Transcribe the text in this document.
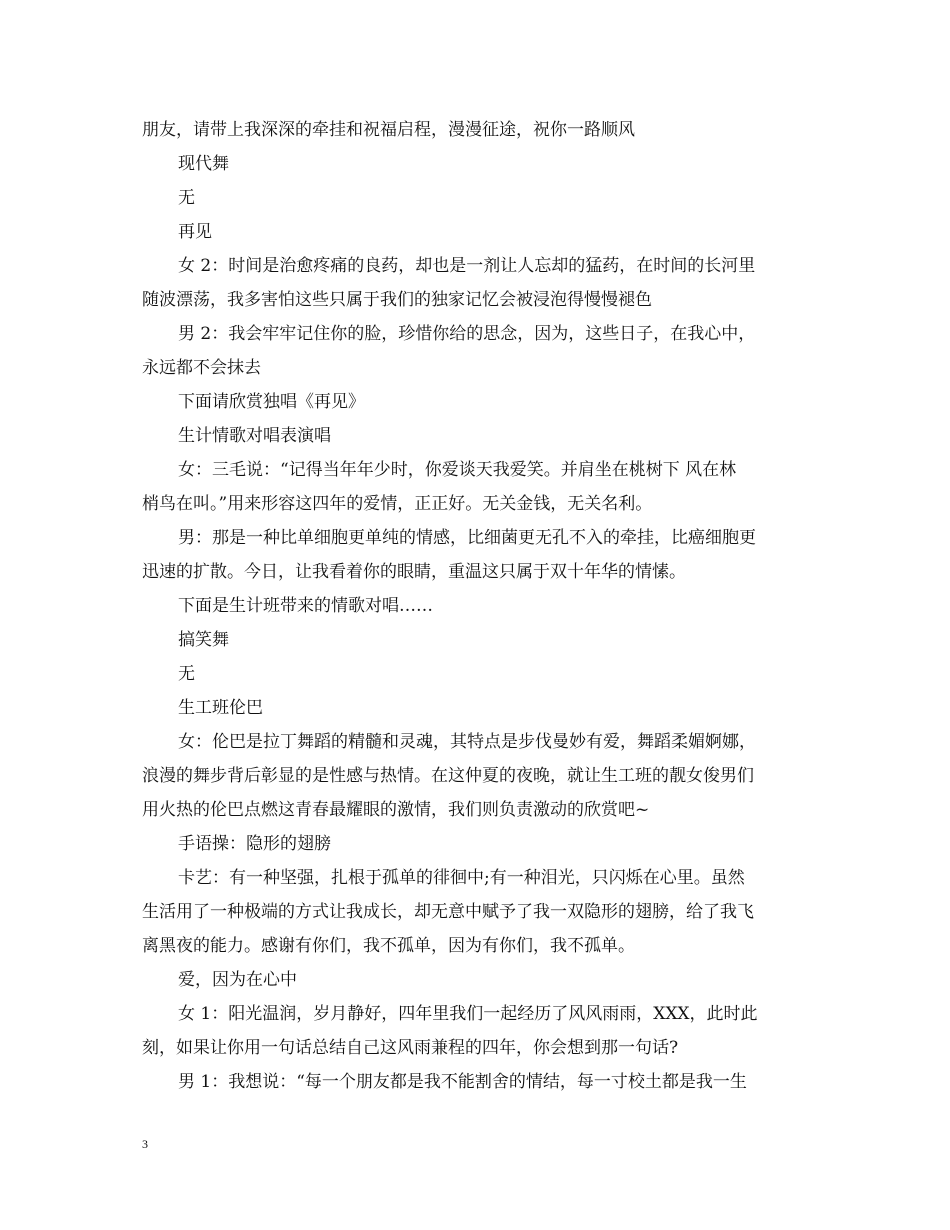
朋友，请带上我深深的牵挂和祝福启程，漫漫征途，祝你一路顺风
现代舞
无
再见
女 2：时间是治愈疼痛的良药，却也是一剂让人忘却的猛药，在时间的长河里
随波漂荡，我多害怕这些只属于我们的独家记忆会被浸泡得慢慢褪色
男 2：我会牢牢记住你的脸，珍惜你给的思念，因为，这些日子，在我心中，
永远都不会抹去
下面请欣赏独唱《再见》
生计情歌对唱表演唱
女：三毛说：“记得当年年少时，你爱谈天我爱笑。并肩坐在桃树下 风在林
梢鸟在叫。”用来形容这四年的爱情，正正好。无关金钱，无关名利。
男：那是一种比单细胞更单纯的情感，比细菌更无孔不入的牵挂，比癌细胞更
迅速的扩散。今日，让我看着你的眼睛，重温这只属于双十年华的情愫。
下面是生计班带来的情歌对唱……
搞笑舞
无
生工班伦巴
女：伦巴是拉丁舞蹈的精髓和灵魂，其特点是步伐曼妙有爱，舞蹈柔媚婀娜，
浪漫的舞步背后彰显的是性感与热情。在这仲夏的夜晚，就让生工班的靓女俊男们
用火热的伦巴点燃这青春最耀眼的激情，我们则负责激动的欣赏吧~
手语操：隐形的翅膀
卡艺：有一种坚强，扎根于孤单的徘徊中;有一种泪光，只闪烁在心里。虽然
生活用了一种极端的方式让我成长，却无意中赋予了我一双隐形的翅膀，给了我飞
离黑夜的能力。感谢有你们，我不孤单，因为有你们，我不孤单。
爱，因为在心中
女 1：阳光温润，岁月静好，四年里我们一起经历了风风雨雨，XXX，此时此
刻，如果让你用一句话总结自己这风雨兼程的四年，你会想到那一句话?
男 1：我想说：“每一个朋友都是我不能割舍的情结，每一寸校土都是我一生
3
